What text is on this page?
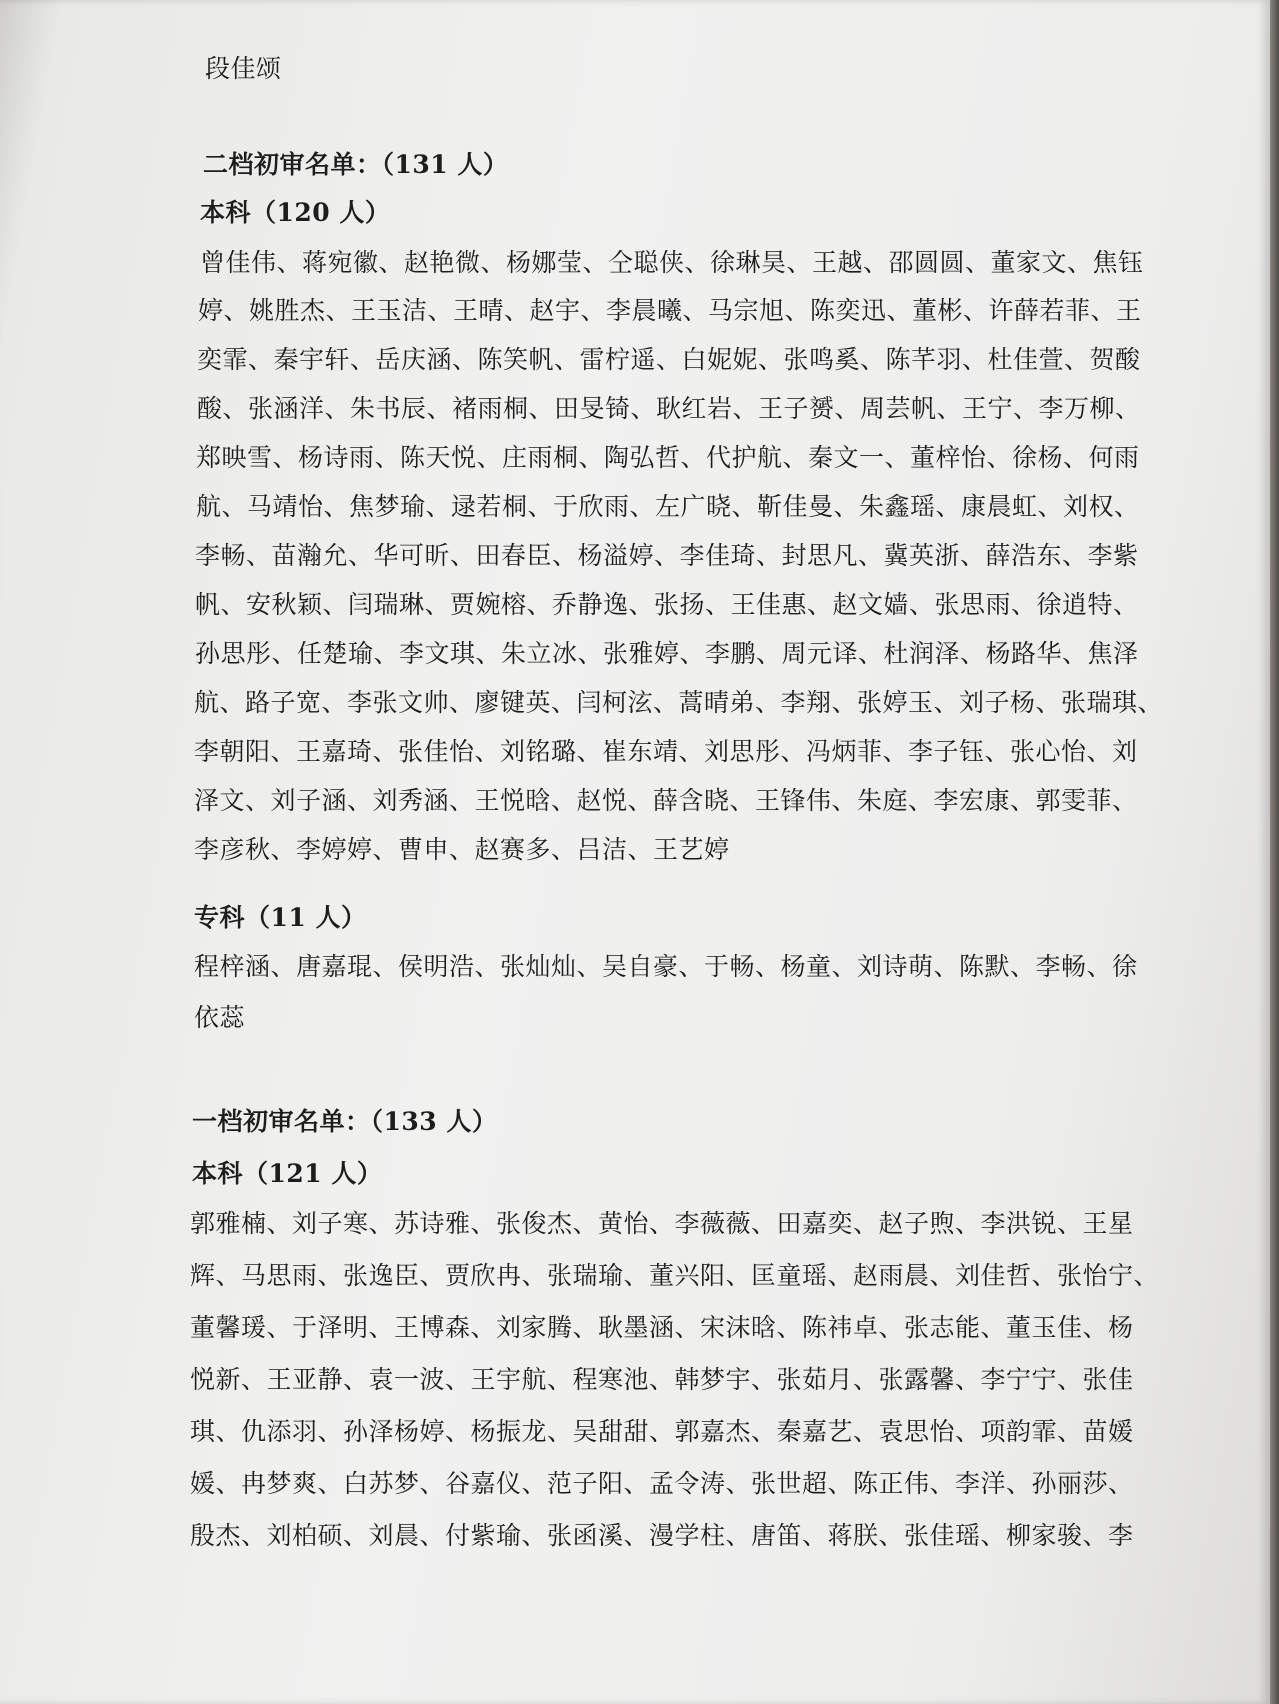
段佳颂
二档初审名单：（131 人）
本科（120 人）
曾佳伟、蒋宛徽、赵艳微、杨娜莹、仝聪侠、徐琳昊、王越、邵圆圆、董家文、焦钰
婷、姚胜杰、王玉洁、王晴、赵宇、李晨曦、马宗旭、陈奕迅、董彬、许薛若菲、王
奕霏、秦宇轩、岳庆涵、陈笑帆、雷柠遥、白妮妮、张鸣奚、陈芊羽、杜佳萱、贺酸
酸、张涵洋、朱书辰、褚雨桐、田旻锜、耿红岩、王子赟、周芸帆、王宁、李万柳、
郑映雪、杨诗雨、陈天悦、庄雨桐、陶弘哲、代护航、秦文一、董梓怡、徐杨、何雨
航、马靖怡、焦梦瑜、逯若桐、于欣雨、左广晓、靳佳曼、朱鑫瑶、康晨虹、刘权、
李畅、苗瀚允、华可昕、田春臣、杨溢婷、李佳琦、封思凡、冀英浙、薛浩东、李紫
帆、安秋颖、闫瑞琳、贾婉榕、乔静逸、张扬、王佳惠、赵文嫱、张思雨、徐逍特、
孙思彤、任楚瑜、李文琪、朱立冰、张雅婷、李鹏、周元译、杜润泽、杨路华、焦泽
航、路子宽、李张文帅、廖键英、闫柯泫、蒿晴弟、李翔、张婷玉、刘子杨、张瑞琪、
李朝阳、王嘉琦、张佳怡、刘铭璐、崔东靖、刘思彤、冯炳菲、李子钰、张心怡、刘
泽文、刘子涵、刘秀涵、王悦晗、赵悦、薛含晓、王锋伟、朱庭、李宏康、郭雯菲、
李彦秋、李婷婷、曹申、赵赛多、吕洁、王艺婷
专科（11 人）
程梓涵、唐嘉琨、侯明浩、张灿灿、吴自豪、于畅、杨童、刘诗萌、陈默、李畅、徐
依蕊
一档初审名单：（133 人）
本科（121 人）
郭雅楠、刘子寒、苏诗雅、张俊杰、黄怡、李薇薇、田嘉奕、赵子煦、李洪锐、王星
辉、马思雨、张逸臣、贾欣冉、张瑞瑜、董兴阳、匡童瑶、赵雨晨、刘佳哲、张怡宁、
董馨瑗、于泽明、王博森、刘家腾、耿墨涵、宋沫晗、陈祎卓、张志能、董玉佳、杨
悦新、王亚静、袁一波、王宇航、程寒池、韩梦宇、张茹月、张露馨、李宁宁、张佳
琪、仇添羽、孙泽杨婷、杨振龙、吴甜甜、郭嘉杰、秦嘉艺、袁思怡、项韵霏、苗媛
媛、冉梦爽、白苏梦、谷嘉仪、范子阳、孟令涛、张世超、陈正伟、李洋、孙丽莎、
殷杰、刘柏硕、刘晨、付紫瑜、张函溪、漫学柱、唐笛、蒋朕、张佳瑶、柳家骏、李
